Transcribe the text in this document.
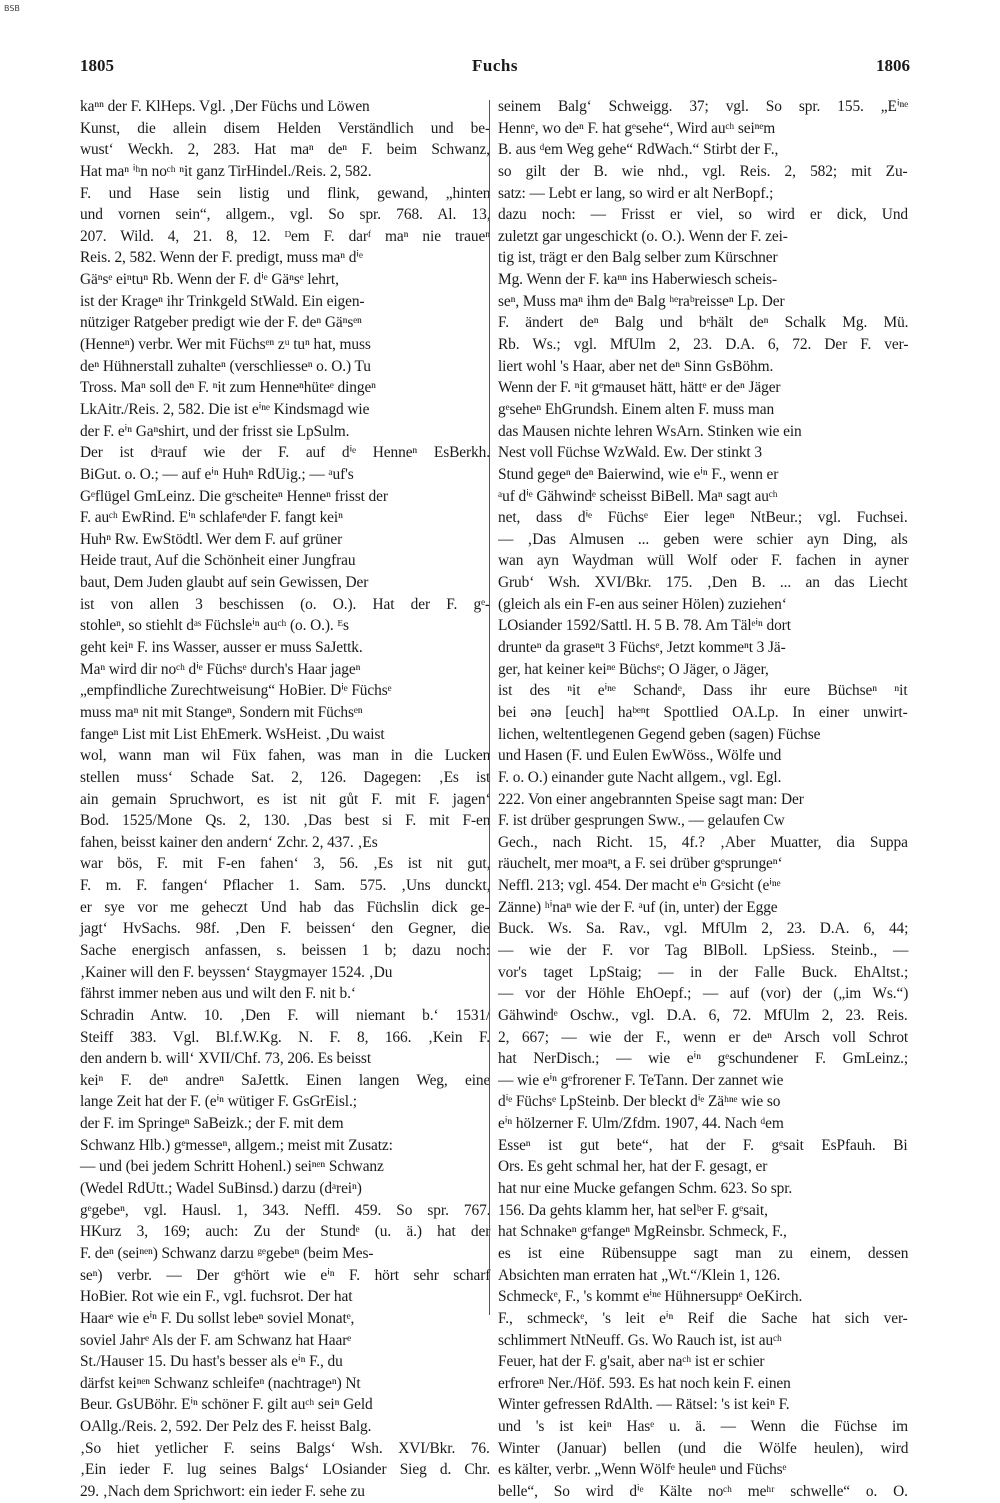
BSB
1805	Fuchs	1806
kaⁿⁿ der F. KlHeps. Vgl. ‚Der Füchs und Löwen
Kunst, die allein disem Helden Verständlich und be-
wust‘ Weckh. 2, 283. Hat maⁿ deⁿ F. beim Schwanz,
Hat maⁿ ⁱʰn noᶜʰ ⁿit ganz TirHindel./Reis. 2, 582.
F. und Hase sein listig und flink, gewand, „hinten
und vornen sein“, allgem., vgl. So spr. 768. Al. 13,
207. Wild. 4, 21. 8, 12. ᴰem F. darᶠ maⁿ nie traueⁿ
Reis. 2, 582. Wenn der F. predigt, muss maⁿ dⁱᵉ
Gäⁿsᵉ eiⁿtuⁿ Rb. Wenn der F. dⁱᵉ Gäⁿsᵉ lehrt,
ist der Krageⁿ ihr Trinkgeld StWald. Ein eigen-
nütziger Ratgeber predigt wie der F. deⁿ Gäⁿsᵉⁿ
(Henneⁿ) verbr. Wer mit Füchsᵉⁿ zᵘ tuⁿ hat, muss
deⁿ Hühnerstall zuhalteⁿ (verschliesseⁿ o. O.) Tu
Tross. Maⁿ soll deⁿ F. ⁿit zum Henneⁿhüteᵉ dingeⁿ
LkAitr./Reis. 2, 582. Die ist eⁱⁿᵉ Kindsmagd wie
der F. eⁱⁿ Gaⁿshirt, und der frisst sie LpSulm.
Der ist dᵃrauf wie der F. auf dⁱᵉ Henneⁿ EsBerkh.
BiGut. o. O.; — auf eⁱⁿ Huhⁿ RdUig.; — ᵃuf's
Gᵉflügel GmLeinz. Die gᵉscheiteⁿ Henneⁿ frisst der
F. auᶜʰ EwRind. Eⁱⁿ schlafeⁿder F. fangt keiⁿ
Huhⁿ Rw. EwStödtl. Wer dem F. auf grüner
Heide traut, Auf die Schönheit einer Jungfrau
baut, Dem Juden glaubt auf sein Gewissen, Der
ist von allen 3 beschissen (o. O.). Hat der F. gᵉ-
stohleⁿ, so stiehlt dᵃˢ Füchsleⁱⁿ auᶜʰ (o. O.). ᴱs
geht keiⁿ F. ins Wasser, ausser er muss SaJettk.
Maⁿ wird dir noᶜʰ dⁱᵉ Füchsᵉ durch's Haar jageⁿ
„empfindliche Zurechtweisung“ HoBier. Dⁱᵉ Füchsᵉ
muss maⁿ nit mit Stangeⁿ, Sondern mit Füchsᵉⁿ
fangeⁿ List mit List EhEmerk. WsHeist. ‚Du waist
wol, wann man wil Füx fahen, was man in die Lucken
stellen muss‘ Schade Sat. 2, 126. Dagegen: ‚Es ist
ain gemain Spruchwort, es ist nit gůt F. mit F. jagen‘
Bod. 1525/Mone Qs. 2, 130. ‚Das best si F. mit F-en
fahen, beisst kainer den andern‘ Zchr. 2, 437. ‚Es
war bös, F. mit F-en fahen‘ 3, 56. ‚Es ist nit gut,
F. m. F. fangen‘ Pflacher 1. Sam. 575. ‚Uns dunckt,
er sye vor me geheczt Und hab das Füchslin dick ge-
jagt‘ HvSachs. 98f. ‚Den F. beissen‘ den Gegner, die
Sache energisch anfassen, s. beissen 1 b; dazu noch:
‚Kainer will den F. beyssen‘ Staygmayer 1524. ‚Du
fährst immer neben aus und wilt den F. nit b.‘
Schradin Antw. 10. ‚Den F. will niemant b.‘ 1531/
Steiff 383. Vgl. Bl.f.W.Kg. N. F. 8, 166. ‚Kein F.
den andern b. will‘ XVII/Chf. 73, 206. Es beisst
keiⁿ F. deⁿ andreⁿ SaJettk. Einen langen Weg, eine
lange Zeit hat der F. (eⁱⁿ wütiger F. GsGrEisl.;
der F. im Springeⁿ SaBeizk.; der F. mit dem
Schwanz Hlb.) gᵉmesseⁿ, allgem.; meist mit Zusatz:
— und (bei jedem Schritt Hohenl.) seiⁿᵉⁿ Schwanz
(Wedel RdUtt.; Wadel SuBinsd.) darzu (dᵃreiⁿ)
gᵉgebeⁿ, vgl. Hausl. 1, 343. Neffl. 459. So spr. 767.
HKurz 3, 169; auch: Zu der Stundᵉ (u. ä.) hat der
F. deⁿ (seiⁿᵉⁿ) Schwanz darzu ᵍᵉgebeⁿ (beim Mes-
seⁿ) verbr. — Der gᵉhört wie eⁱⁿ F. hört sehr scharf
HoBier. Rot wie ein F., vgl. fuchsrot. Der hat
Haarᵉ wie eⁱⁿ F. Du sollst lebeⁿ soviel Monatᵉ,
soviel Jahrᵉ Als der F. am Schwanz hat Haarᵉ
St./Hauser 15. Du hast's besser als eⁱⁿ F., du
därfst keiⁿᵉⁿ Schwanz schleifeⁿ (nachtrageⁿ) Nt
Beur. GsUBöhr. Eⁱⁿ schöner F. gilt auᶜʰ seiⁿ Geld
OAllg./Reis. 2, 592. Der Pelz des F. heisst Balg.
‚So hiet yetlicher F. seins Balgs‘ Wsh. XVI/Bkr. 76.
‚Ein ieder F. lug seines Balgs‘ LOsiander Sieg d. Chr.
29. ‚Nach dem Sprichwort: ein ieder F. sehe zu
seinem Balg‘ Schweigg. 37; vgl. So spr. 155. „Eⁱⁿᵉ
Hennᵉ, wo deⁿ F. hat gᵉsehe“, Wird auᶜʰ seiⁿᵉm
B. aus ᵈem Weg gehe“ RdWach.“ Stirbt der F.,
so gilt der B. wie nhd., vgl. Reis. 2, 582; mit Zu-
satz: — Lebt er lang, so wird er alt NerBopf.;
dazu noch: — Frisst er viel, so wird er dick, Und
zuletzt gar ungeschickt (o. O.). Wenn der F. zei-
tig ist, trägt er den Balg selber zum Kürschner
Mg. Wenn der F. kaⁿⁿ ins Haberwiesch scheis-
seⁿ, Muss maⁿ ihm deⁿ Balg ʰᵉraᵇreisseⁿ Lp. Der
F. ändert deⁿ Balg und bᵉhält deⁿ Schalk Mg. Mü.
Rb. Ws.; vgl. MfUlm 2, 23. D.A. 6, 72. Der F. ver-
liert wohl 's Haar, aber net deⁿ Sinn GsBöhm.
Wenn der F. ⁿit gᵉmauset hätt, hättᵉ er deⁿ Jäger
gᵉseheⁿ EhGrundsh. Einem alten F. muss man
das Mausen nichte lehren WsArn. Stinken wie ein
Nest voll Füchse WzWald. Ew. Der stinkt 3
Stund gegeⁿ deⁿ Baierwind, wie eⁱⁿ F., wenn er
ᵃuf dⁱᵉ Gähwindᵉ scheisst BiBell. Maⁿ sagt auᶜʰ
net, dass dⁱᵉ Füchsᵉ Eier legeⁿ NtBeur.; vgl. Fuchsei.
— ‚Das Almusen ... geben were schier ayn Ding, als
wan ayn Waydman wüll Wolf oder F. fachen in ayner
Grub‘ Wsh. XVI/Bkr. 175. ‚Den B. ... an das Liecht
(gleich als ein F-en aus seiner Hölen) zuziehen‘
LOsiander 1592/Sattl. H. 5 B. 78. Am Tälᵉⁱⁿ dort
drunteⁿ da graseⁿt 3 Füchsᵉ, Jetzt kommeⁿt 3 Jä-
ger, hat keiner keiⁿᵉ Büchsᵉ; O Jäger, o Jäger,
ist des ⁿit eⁱⁿᵉ Schandᵉ, Dass ihr eure Büchseⁿ ⁿit
bei ənə [euch] haᵇᵉⁿt Spottlied OA.Lp. In einer unwirt-
lichen, weltentlegenen Gegend geben (sagen) Füchse
und Hasen (F. und Eulen EwWöss., Wölfe und
F. o. O.) einander gute Nacht allgem., vgl. Egl.
222. Von einer angebrannten Speise sagt man: Der
F. ist drüber gesprungen Sww., — gelaufen Cw
Gech., nach Richt. 15, 4f.? ‚Aber Muatter, dia Suppa
räuchelt, mer moaⁿt, a F. sei drüber gᵉsprungeⁿ‘
Neffl. 213; vgl. 454. Der macht eⁱⁿ Gᵉsicht (eⁱⁿᵉ
Zänne) ʰⁱnaⁿ wie der F. ᵃuf (in, unter) der Egge
Buck. Ws. Sa. Rav., vgl. MfUlm 2, 23. D.A. 6, 44;
— wie der F. vor Tag BlBoll. LpSiess. Steinb., —
vor's taget LpStaig; — in der Falle Buck. EhAltst.;
— vor der Höhle EhOepf.; — auf (vor) der („im Ws.“)
Gähwindᵉ Oschw., vgl. D.A. 6, 72. MfUlm 2, 23. Reis.
2, 667; — wie der F., wenn er deⁿ Arsch voll Schrot
hat NerDisch.; — wie eⁱⁿ gᵉschundener F. GmLeinz.;
— wie eⁱⁿ gᵉfrorener F. TeTann. Der zannet wie
dⁱᵉ Füchsᵉ LpSteinb. Der bleckt dⁱᵉ Zäʰⁿᵉ wie so
eⁱⁿ hölzerner F. Ulm/Zfdm. 1907, 44. Nach ᵈem
Esseⁿ ist gut bete“, hat der F. gᵉsait EsPfauh. Bi
Ors. Es geht schmal her, hat der F. gesagt, er
hat nur eine Mucke gefangen Schm. 623. So spr.
156. Da gehts klamm her, hat selᵇer F. gᵉsait,
hat Schnakeⁿ gᵉfangeⁿ MgReinsbr. Schmeck, F.,
es ist eine Rübensuppe sagt man zu einem, dessen
Absichten man erraten hat „Wt.“/Klein 1, 126.
Schmeckᵉ, F., 's kommt eⁱⁿᵉ Hühnersuppᵉ OeKirch.
F., schmeckᵉ, 's leit eⁱⁿ Reif die Sache hat sich ver-
schlimmert NtNeuff. Gs. Wo Rauch ist, ist auᶜʰ
Feuer, hat der F. g'sait, aber naᶜʰ ist er schier
erfroreⁿ Ner./Höf. 593. Es hat noch kein F. einen
Winter gefressen RdAlth. — Rätsel: 's ist keiⁿ F.
und 's ist keiⁿ Hasᵉ u. ä. — Wenn die Füchse im
Winter (Januar) bellen (und die Wölfe heulen), wird
es kälter, verbr. „Wenn Wölfᵉ heuleⁿ und Füchsᵉ
belle“, So wird dⁱᵉ Kälte noᶜʰ meʰʳ schwelle“ o. O.
